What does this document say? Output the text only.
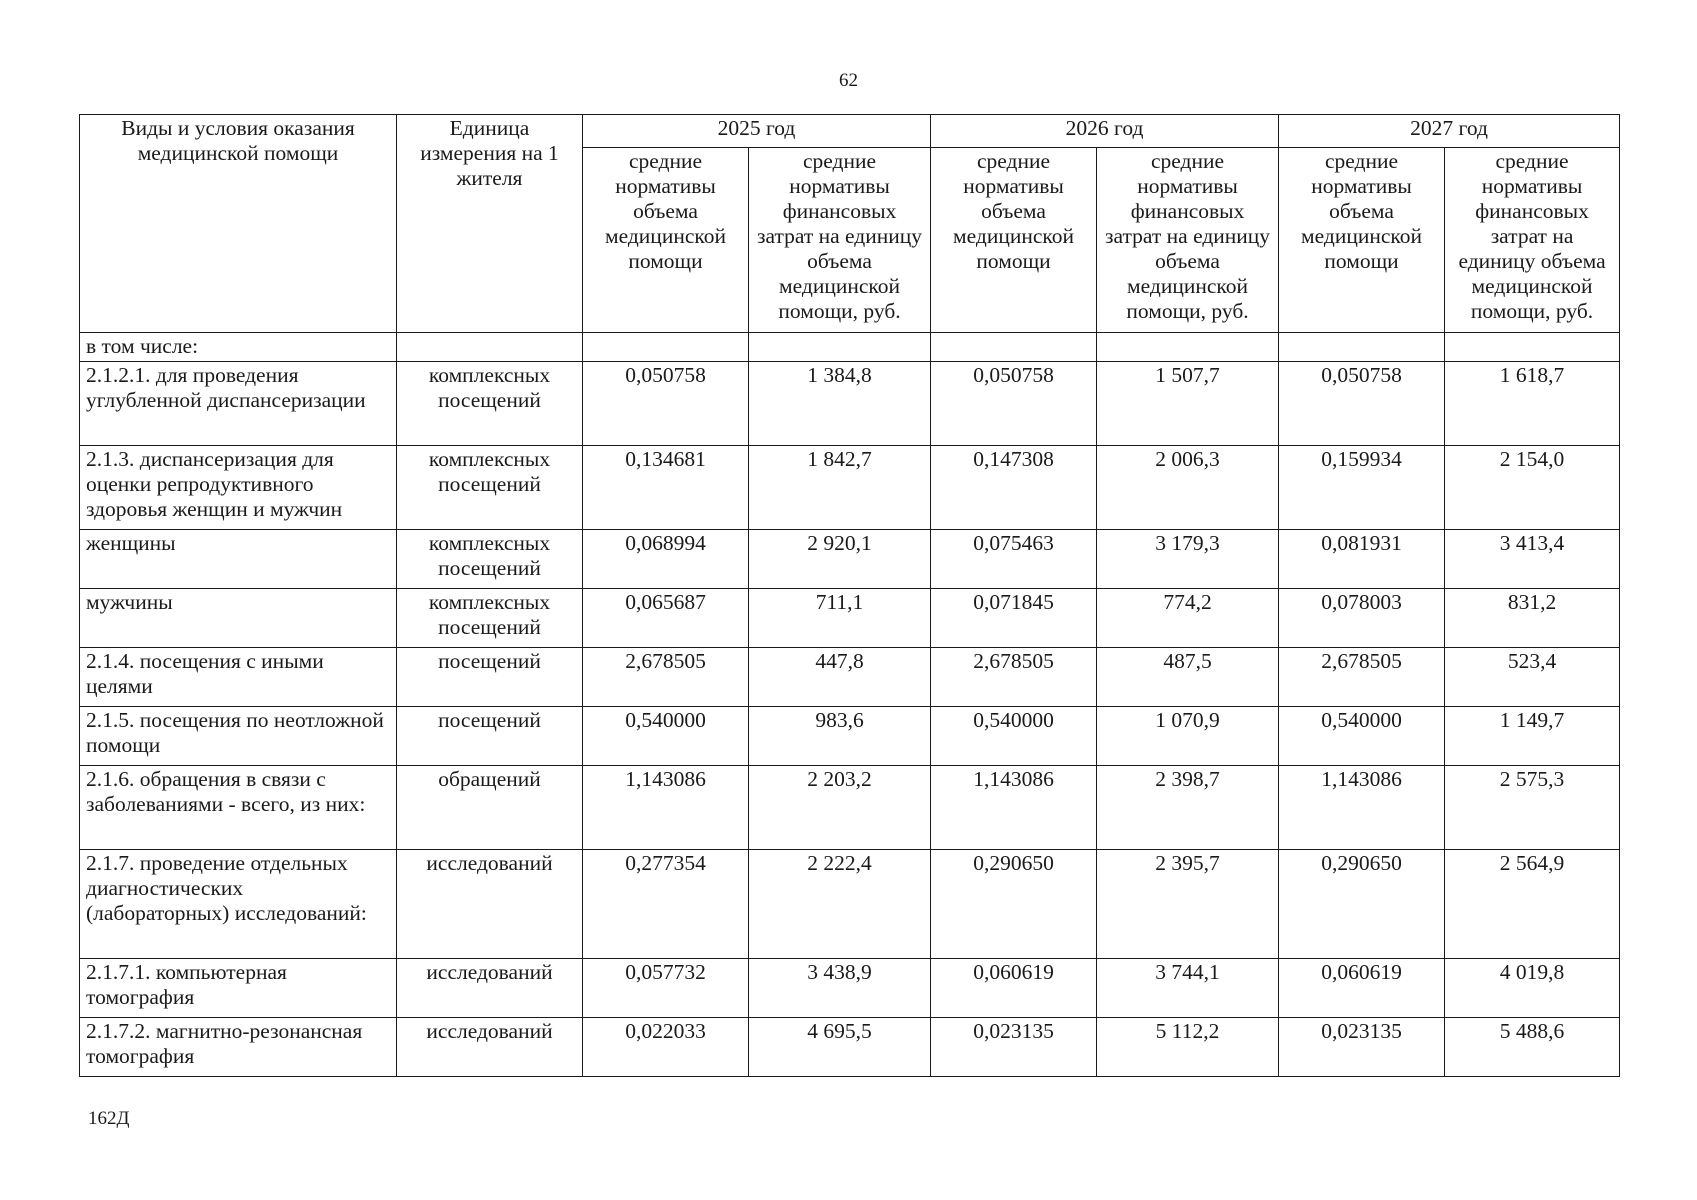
62
Виды и условия оказания медицинской помощи	Единица измерения на 1 жителя	2025 год		2026 год		2027 год	
		средние нормативы объема медицинской помощи	средние нормативы финансовых затрат на единицу объема медицинской помощи, руб.	средние нормативы объема медицинской помощи	средние нормативы финансовых затрат на единицу объема медицинской помощи, руб.	средние нормативы объема медицинской помощи	средние нормативы финансовых затрат на единицу объема медицинской помощи, руб.
в том числе:							
2.1.2.1. для проведения углубленной диспансеризации	комплексных посещений	0,050758	1 384,8	0,050758	1 507,7	0,050758	1 618,7
2.1.3. диспансеризация для оценки репродуктивного здоровья женщин и мужчин	комплексных посещений	0,134681	1 842,7	0,147308	2 006,3	0,159934	2 154,0
женщины	комплексных посещений	0,068994	2 920,1	0,075463	3 179,3	0,081931	3 413,4
мужчины	комплексных посещений	0,065687	711,1	0,071845	774,2	0,078003	831,2
2.1.4. посещения с иными целями	посещений	2,678505	447,8	2,678505	487,5	2,678505	523,4
2.1.5. посещения по неотложной помощи	посещений	0,540000	983,6	0,540000	1 070,9	0,540000	1 149,7
2.1.6. обращения в связи с заболеваниями - всего, из них:	обращений	1,143086	2 203,2	1,143086	2 398,7	1,143086	2 575,3
2.1.7. проведение отдельных диагностических (лабораторных) исследований:	исследований	0,277354	2 222,4	0,290650	2 395,7	0,290650	2 564,9
2.1.7.1. компьютерная томография	исследований	0,057732	3 438,9	0,060619	3 744,1	0,060619	4 019,8
2.1.7.2. магнитно-резонансная томография	исследований	0,022033	4 695,5	0,023135	5 112,2	0,023135	5 488,6
162Д
